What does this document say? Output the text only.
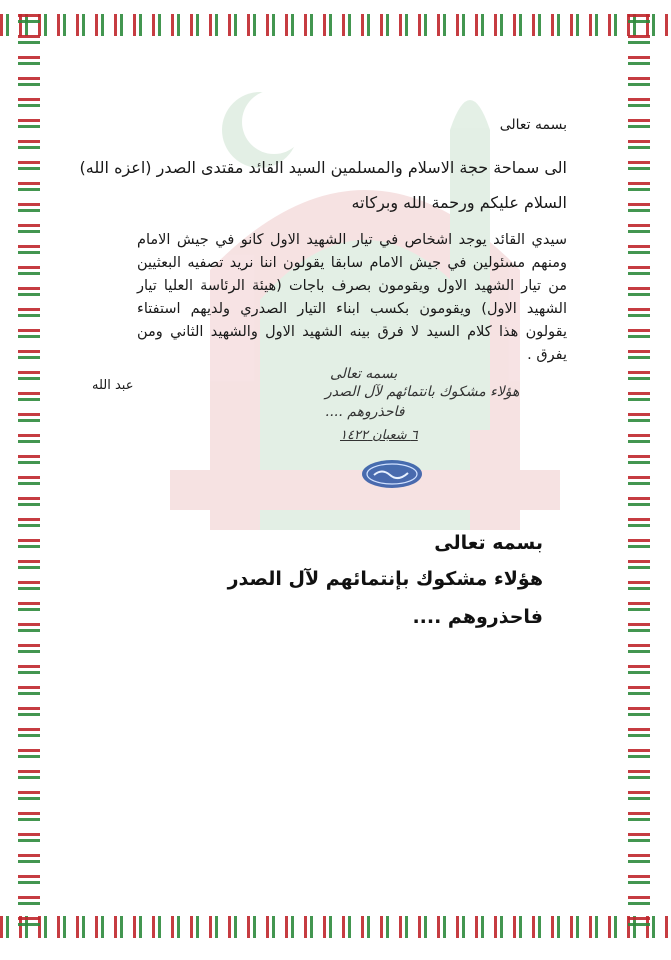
بسمه تعالى
الى سماحة حجة الاسلام والمسلمين السيد القائد مقتدى الصدر (اعزه الله)
السلام عليكم ورحمة الله وبركاته
سيدي القائد يوجد اشخاص في تيار الشهيد الاول كانو في جيش الامام ومنهم مسئولين في جيش الامام سابقا يقولون اننا نريد تصفيه البعثيين من تيار الشهيد الاول ويقومون بصرف باجات (هيئة الرئاسة العليا تيار الشهيد الاول) ويقومون بكسب ابناء التيار الصدري ولديهم استفتاء يقولون هذا كلام السيد لا فرق بينه الشهيد الاول والشهيد الثاني ومن يفرق .
عبد الله
بسمه تعالى
هؤلاء مشكوك بانتمائهم لآل الصدر
فاحذروهم ....
٦ شعبان ١٤٢٢
بسمه تعالى
هؤلاء مشكوك بإنتمائهم لآل الصدر
فاحذروهم ....
